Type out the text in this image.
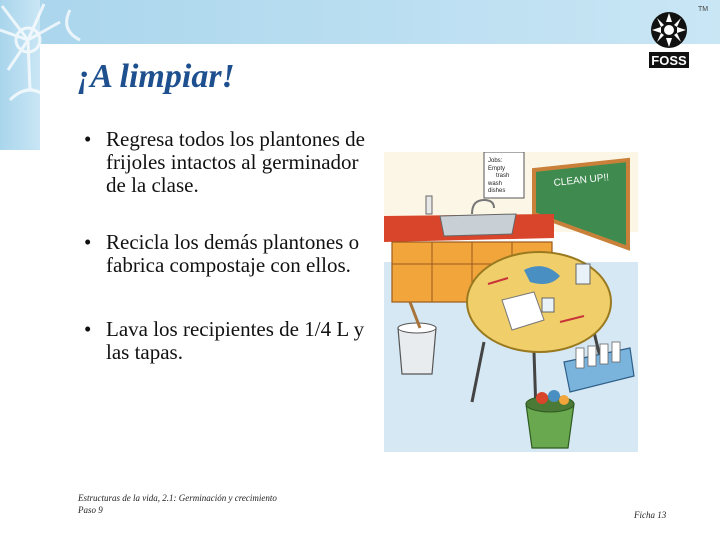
FOSS
TM
¡A limpiar!
• Regresa todos los plantones de frijoles intactos al germinador de la clase.
• Recicla los demás plantones o fabrica compostaje con ellos.
• Lava los recipientes de 1/4 L y las tapas.
CLEAN UP!!
Jobs:
Empty
trash
wash
dishes
Estructuras de la vida, 2.1: Germinación y crecimiento
Paso 9	Ficha 13
